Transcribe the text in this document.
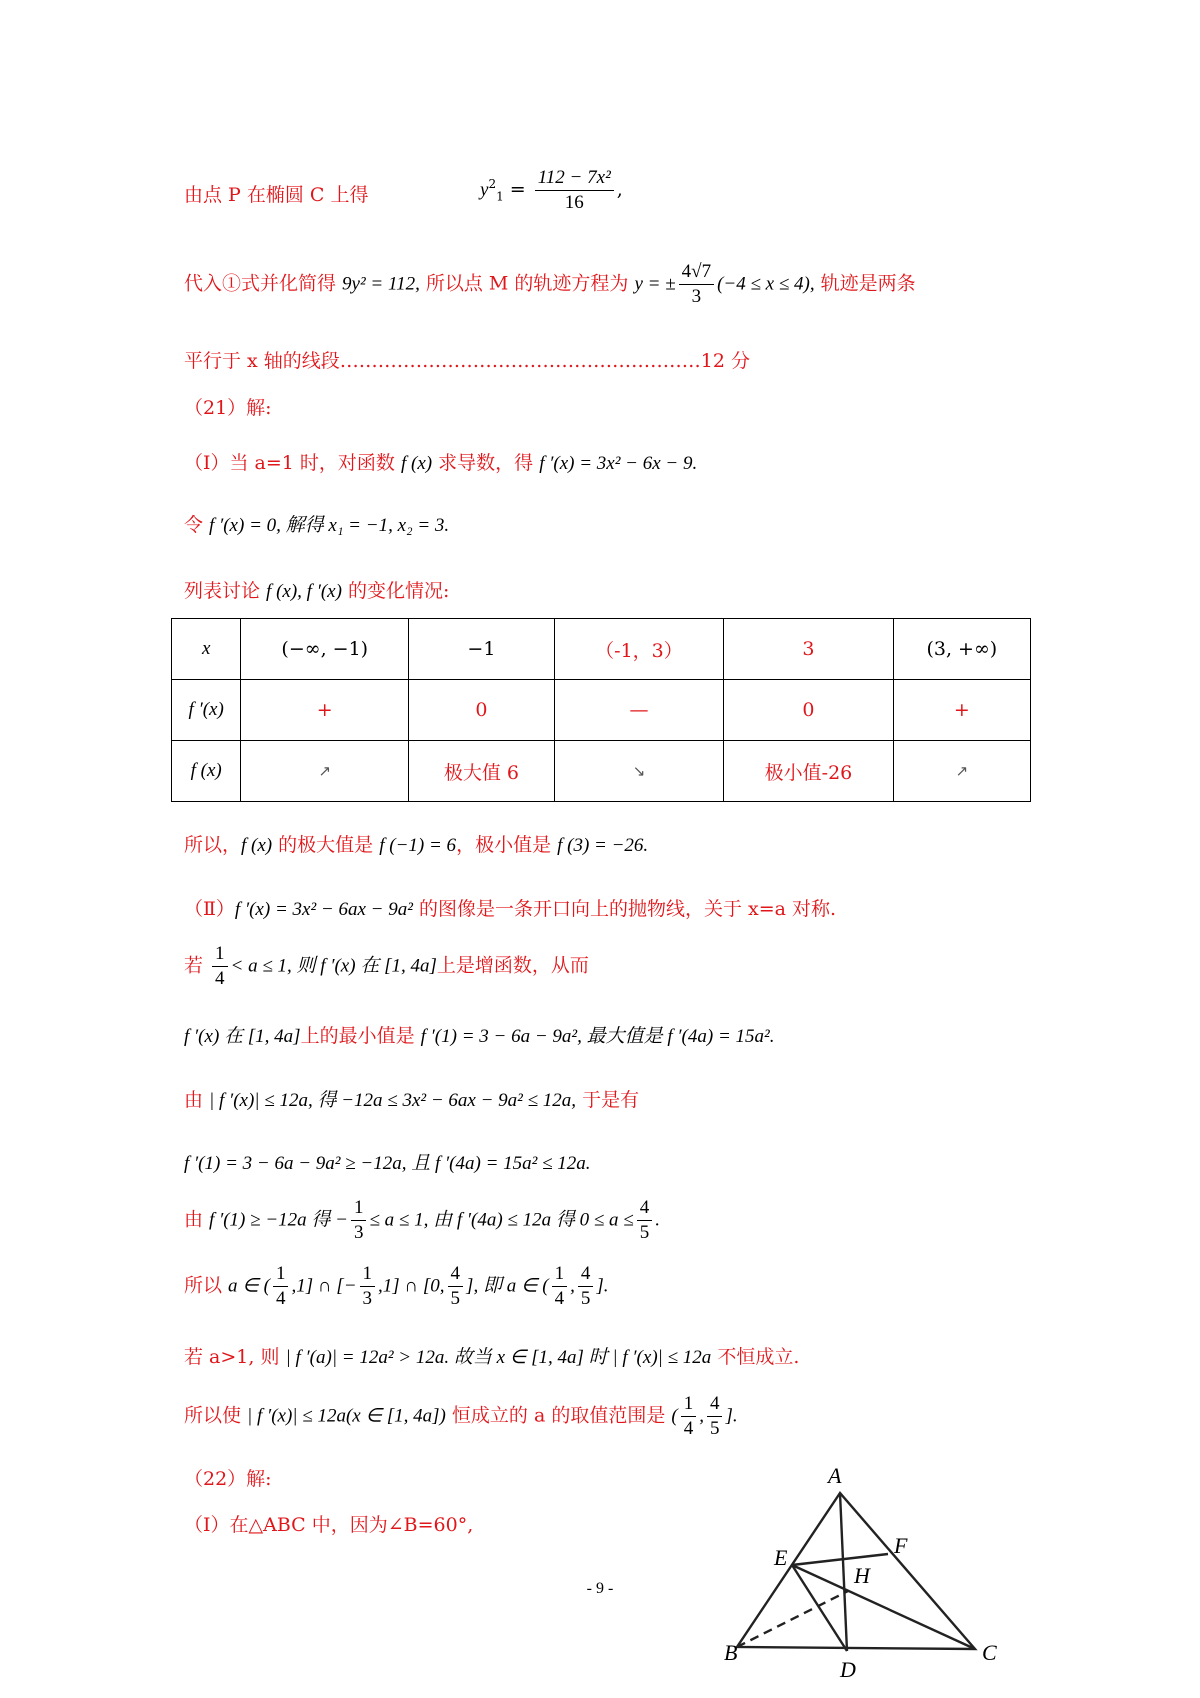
由点 P 在椭圆 C 上得	$y^2_1 = \frac{\text{112 − 7x²}}{16}$ ,
代入①式并化简得 9y² = 112, 所以点 M 的轨迹方程为 y = ± $\frac{4√7}{3} (-4 \le x \le 4)$, 轨迹是两条
平行于 x 轴的线段…………………………………………………12 分
（21）解:
（Ⅰ）当 a=1 时，对函数 f (x) 求导数，得 f ′(x) = 3x² − 6x − 9.
令 f ′(x) = 0, 解得 x₁ = −1, x₂ = 3.
列表讨论 f (x), f ′(x) 的变化情况:
x	(−∞, −1)	−1	（-1，3）	3	(3, +∞)
f ′(x)	+	0	—	0	+
f (x)	↗	极大值 6	↘	极小值-26	↗
所以，f (x) 的极大值是 f (−1) = 6，极小值是 f (3) = −26.
（Ⅱ）f ′(x) = 3x² − 6ax − 9a² 的图像是一条开口向上的抛物线，关于 x=a 对称.
若 $\frac{1}{4} < a \le 1$, 则 f ′(x) 在 [1, 4a]上是增函数，从而
f ′(x) 在 [1, 4a]上的最小值是 f ′(1) = 3 − 6a − 9a², 最大值是 f ′(4a) = 15a².
由 | f ′(x)| ≤ 12a, 得 −12a ≤ 3x² − 6ax − 9a² ≤ 12a, 于是有
f ′(1) = 3 − 6a − 9a² ≥ −12a, 且 f ′(4a) = 15a² ≤ 12a.
由 f ′(1) ≥ −12a 得 − $\frac{1}{3} \le a \le 1$, 由 f ′(4a) ≤ 12a 得 $0 \le a \le \frac{4}{5}$ .
所以 a ∈ ( $\frac{1}{4} ,1$] ∩ [− $\frac{1}{3} ,1$] ∩ [0, $\frac{4}{5}$ ], 即 a ∈ ( $\frac{1}{4}$ , $\frac{4}{5}$ ].
若 a>1, 则 | f ′(a)| = 12a² > 12a. 故当 x ∈ [1, 4a] 时 | f ′(x)| ≤ 12a 不恒成立.
所以使 | f ′(x)| ≤ 12a(x ∈ [1, 4a]) 恒成立的 a 的取值范围是 ( $\frac{1}{4}$ , $\frac{4}{5}$ ].
（22）解:
（Ⅰ）在△ABC 中，因为∠B=60°,
A
B	C
D
E	F
H
- 9 -
